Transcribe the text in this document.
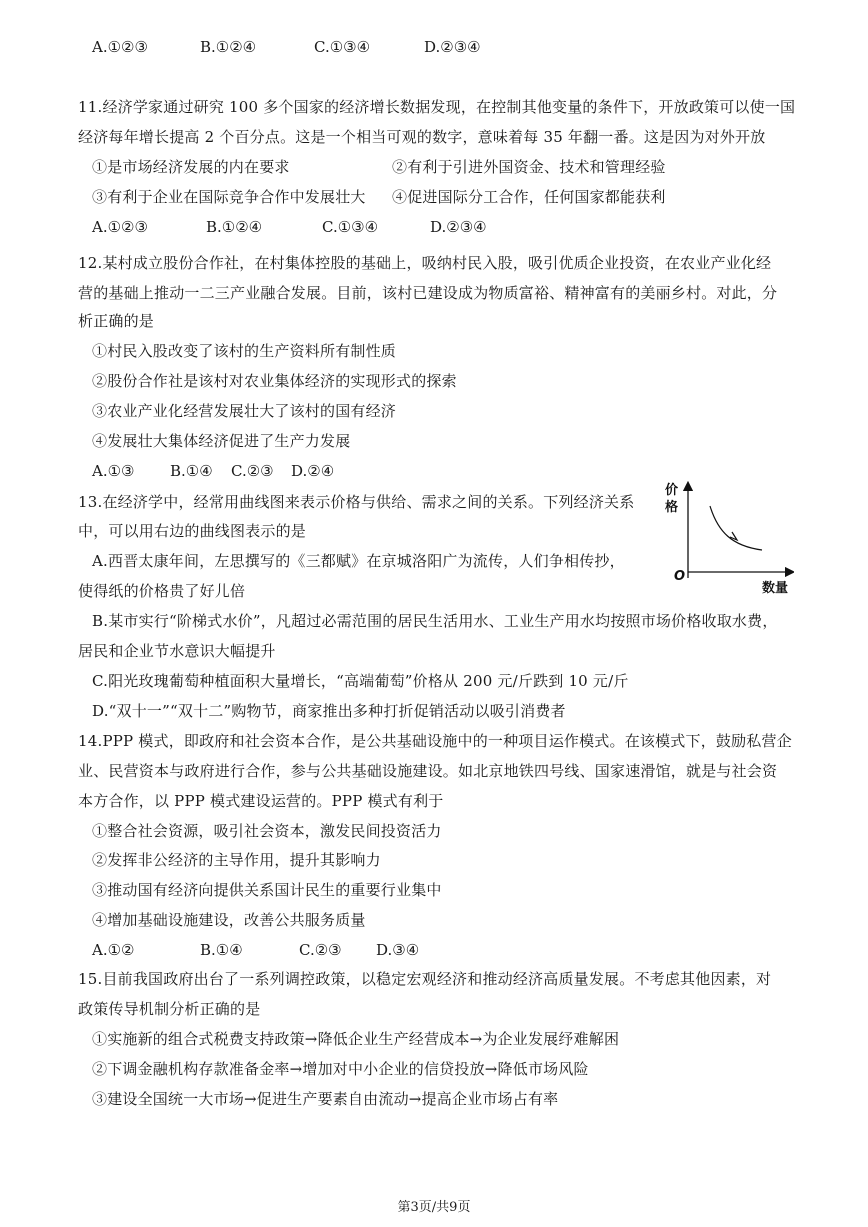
A.①②③	B.①②④	C.①③④	D.②③④
11.经济学家通过研究 100 多个国家的经济增长数据发现，在控制其他变量的条件下，开放政策可以使一国
经济每年增长提高 2 个百分点。这是一个相当可观的数字，意味着每 35 年翻一番。这是因为对外开放
①是市场经济发展的内在要求	②有利于引进外国资金、技术和管理经验
③有利于企业在国际竞争合作中发展壮大 ④促进国际分工合作，任何国家都能获利
A.①②③	B.①②④	C.①③④	D.②③④
12.某村成立股份合作社，在村集体控股的基础上，吸纳村民入股，吸引优质企业投资，在农业产业化经
营的基础上推动一二三产业融合发展。目前，该村已建设成为物质富裕、精神富有的美丽乡村。对此，分
析正确的是
①村民入股改变了该村的生产资料所有制性质
②股份合作社是该村对农业集体经济的实现形式的探索
③农业产业化经营发展壮大了该村的国有经济
④发展壮大集体经济促进了生产力发展
A.①③ B.①④ C.②③ D.②④
13.在经济学中，经常用曲线图来表示价格与供给、需求之间的关系。下列经济关系
中，可以用右边的曲线图表示的是
A.西晋太康年间，左思撰写的《三都赋》在京城洛阳广为流传，人们争相传抄，
使得纸的价格贵了好儿倍
B.某市实行“阶梯式水价”，凡超过必需范围的居民生活用水、工业生产用水均按照市场价格收取水费，
居民和企业节水意识大幅提升
C.阳光玫瑰葡萄种植面积大量增长，“高端葡萄”价格从 200 元/斤跌到 10 元/斤
D.“双十一”“双十二”购物节，商家推出多种打折促销活动以吸引消费者
价
格
O
数量
14.PPP 模式，即政府和社会资本合作，是公共基础设施中的一种项目运作模式。在该模式下，鼓励私营企
业、民营资本与政府进行合作，参与公共基础设施建设。如北京地铁四号线、国家速滑馆，就是与社会资
本方合作，以 PPP 模式建设运营的。PPP 模式有利于
①整合社会资源，吸引社会资本，激发民间投资活力
②发挥非公经济的主导作用，提升其影响力
③推动国有经济向提供关系国计民生的重要行业集中
④增加基础设施建设，改善公共服务质量
A.①②	B.①④	C.②③ D.③④
15.目前我国政府出台了一系列调控政策，以稳定宏观经济和推动经济高质量发展。不考虑其他因素，对
政策传导机制分析正确的是
①实施新的组合式税费支持政策→降低企业生产经营成本→为企业发展纾难解困
②下调金融机构存款准备金率→增加对中小企业的信贷投放→降低市场风险
③建设全国统一大市场→促进生产要素自由流动→提高企业市场占有率
第3页/共9页
